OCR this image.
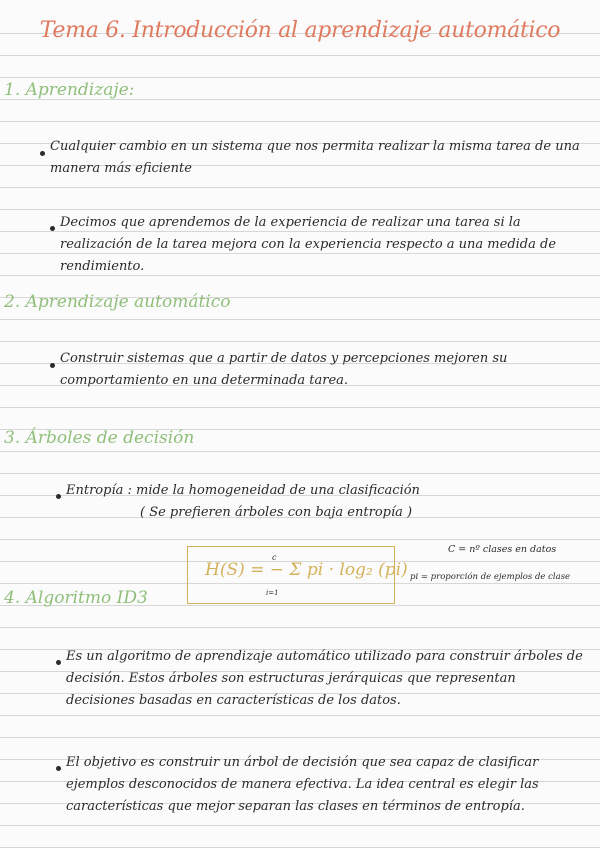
Tema 6. Introducción al aprendizaje automático
1. Aprendizaje:
Cualquier cambio en un sistema que nos permita realizar la misma tarea de una manera más eficiente
Decimos que aprendemos de la experiencia de realizar una tarea si la realización de la tarea mejora con la experiencia respecto a una medida de rendimiento.
2. Aprendizaje automático
Construir sistemas que a partir de datos y percepciones mejoren su comportamiento en una determinada tarea.
3. Árboles de decisión
Entropía : mide la homogeneidad de una clasificación
( Se prefieren árboles con baja entropía )
H(S) = − Σ pi · log₂ (pi)
c
i=1
C = nº clases en datos
pi = proporción de ejemplos de clase
4. Algoritmo ID3
Es un algoritmo de aprendizaje automático utilizado para construir árboles de decisión. Estos árboles son estructuras jerárquicas que representan decisiones basadas en características de los datos.
El objetivo es construir un árbol de decisión que sea capaz de clasificar ejemplos desconocidos de manera efectiva. La idea central es elegir las características que mejor separan las clases en términos de entropía.
